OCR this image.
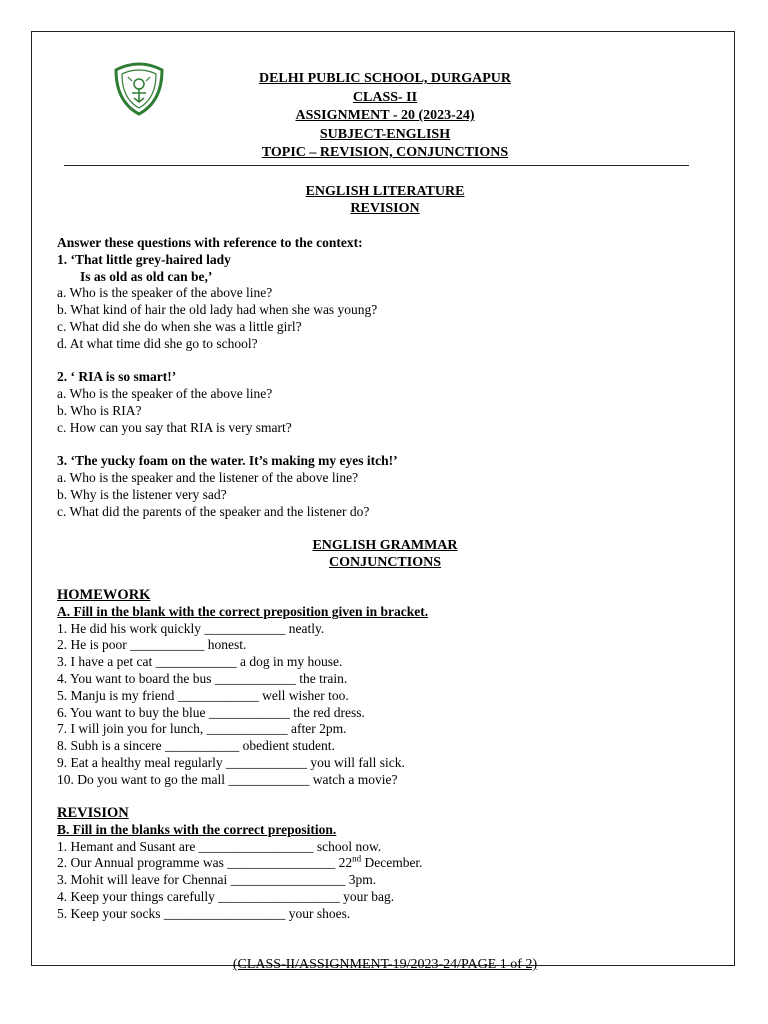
DELHI PUBLIC SCHOOL, DURGAPUR
CLASS- II
ASSIGNMENT - 20 (2023-24)
SUBJECT-ENGLISH
TOPIC – REVISION, CONJUNCTIONS
ENGLISH LITERATURE
REVISION
Answer these questions with reference to the context:
1. ‘That little grey-haired lady
Is as old as old can be,’
a. Who is the speaker of the above line?
b. What kind of hair the old lady had when she was young?
c. What did she do when she was a little girl?
d. At what time did she go to school?
2. ‘ RIA is so smart!’
a. Who is the speaker of the above line?
b. Who is RIA?
c. How can you say that RIA is very smart?
3. ‘The yucky foam on the water. It’s making my eyes itch!’
a. Who is the speaker and the listener of the above line?
b. Why is the listener very sad?
c. What did the parents of the speaker and the listener do?
ENGLISH GRAMMAR
CONJUNCTIONS
HOMEWORK
A. Fill in the blank with the correct preposition given in bracket.
1. He did his work quickly ____________ neatly.
2. He is poor ___________ honest.
3. I have a pet cat ____________ a dog in my house.
4. You want to board the bus ____________ the train.
5. Manju is my friend ____________ well wisher too.
6. You want to buy the blue ____________ the red dress.
7. I will join you for lunch, ____________ after 2pm.
8. Subh is a sincere ___________ obedient student.
9. Eat a healthy meal regularly ____________ you will fall sick.
10. Do you want to go the mall ____________ watch a movie?
REVISION
B. Fill in the blanks with the correct preposition.
1. Hemant and Susant are _________________ school now.
2. Our Annual programme was ________________ 22nd December.
3. Mohit will leave for Chennai _________________ 3pm.
4. Keep your things carefully __________________ your bag.
5. Keep your socks __________________ your shoes.
(CLASS-II/ASSIGNMENT-19/2023-24/PAGE 1 of 2)
